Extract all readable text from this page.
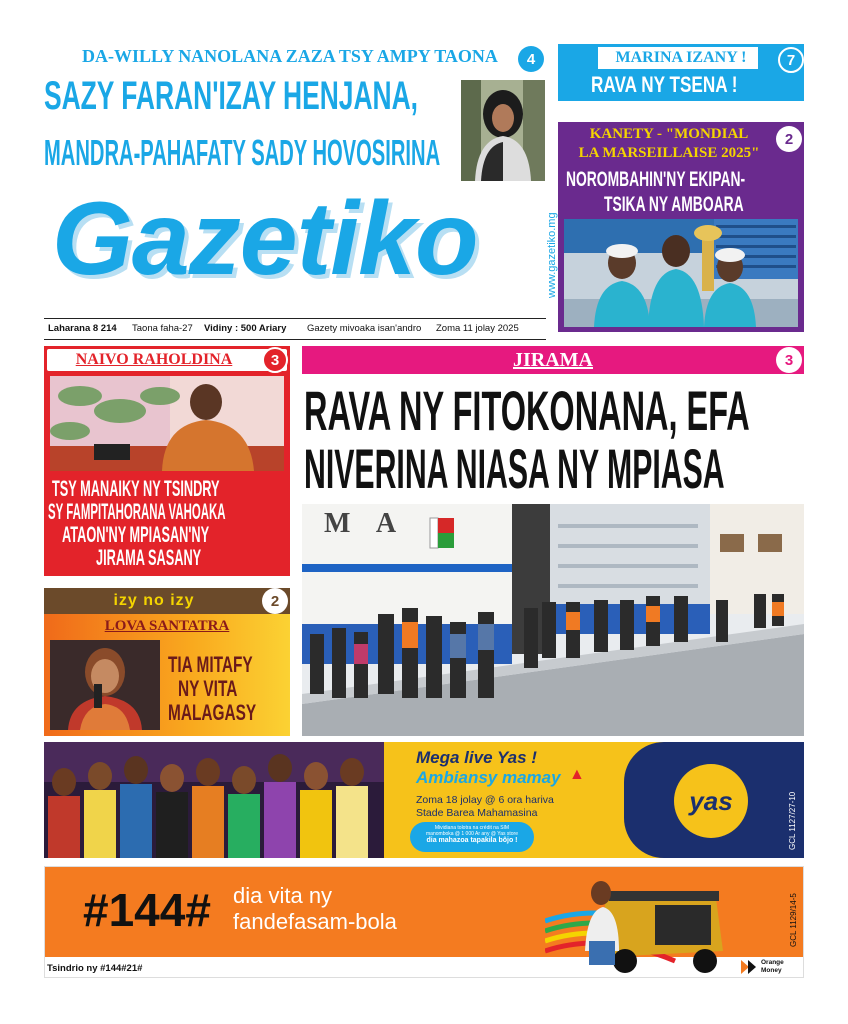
DA-WILLY NANOLANA ZAZA TSY AMPY TAONA	4
SAZY FARAN'IZAY HENJANA,
MANDRA-PAHAFATY SADY HOVOSIRINA
Gazetiko	www.gazetiko.mg
Laharana 8 214 Taona faha-27 Vidiny : 500 Ariary Gazety mivoaka isan'andro Zoma 11 jolay 2025
MARINA IZANY !	7
RAVA NY TSENA !
KANETY - "MONDIAL
LA MARSEILLAISE 2025"
2
NOROMBAHIN'NY EKIPAN-
TSIKA NY AMBOARA
NAIVO RAHOLDINA	3
TSY MANAIKY NY TSINDRY
SY FAMPITAHORANA VAHOAKA
ATAON'NY MPIASAN'NY
JIRAMA SASANY
izy no izy	2
LOVA SANTATRA
TIA MITAFY
NY VITA
MALAGASY
JIRAMA	3
RAVA NY FITOKONANA, EFA
NIVERINA NIASA NY MPIASA
M A
Mega live Yas !
Ambiansy mamay ▲
Zoma 18 jolay @ 6 ora hariva
Stade Barea Mahamasina
Mividiana tolotra na crédit na SIM
manomboka @ 1 000 Ar any @ Yas store
dia mahazoa tapakila bôjo !
yas	GCL 1127/27-10
#144# dia vita ny
fandefasam-bola
Tsindrio ny #144#21#
Orange
Money
GCL 1129/14-5
